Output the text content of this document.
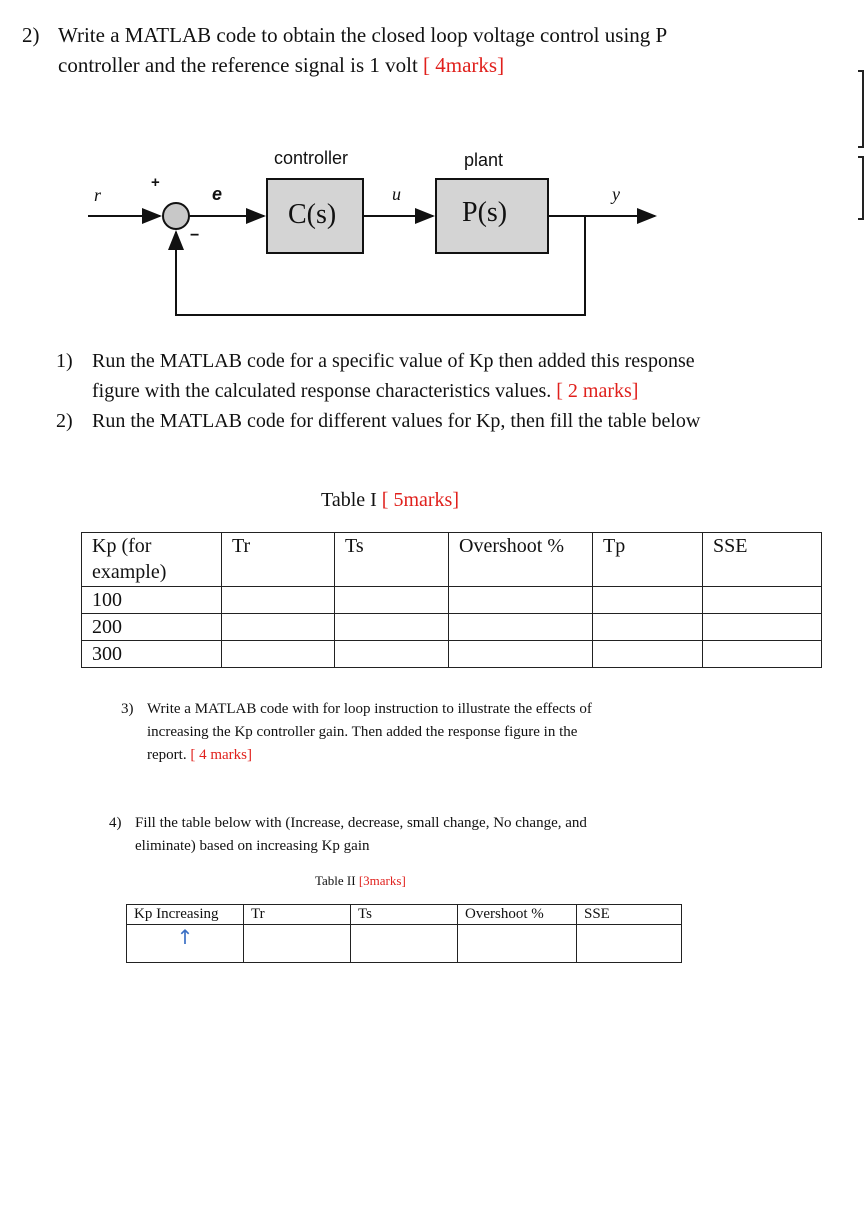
2) Write a MATLAB code to obtain the closed loop voltage control using P
controller and the reference signal is 1 volt [ 4marks]
controller	plant
C(s)	P(s)
r	e	u	y
+
−
1) Run the MATLAB code for a specific value of Kp then added this response
figure with the calculated response characteristics values. [ 2 marks]
2) Run the MATLAB code for different values for Kp, then fill the table below
Table I [ 5marks]
Kp (for example)	Tr	Ts	Overshoot %	Tp	SSE
100					
200					
300					
3) Write a MATLAB code with for loop instruction to illustrate the effects of
increasing the Kp controller gain. Then added the response figure in the
report. [ 4 marks]
4) Fill the table below with (Increase, decrease, small change, No change, and
eliminate) based on increasing Kp gain
Table II [3marks]
Kp Increasing	Tr	Ts	Overshoot %	SSE
↑				
